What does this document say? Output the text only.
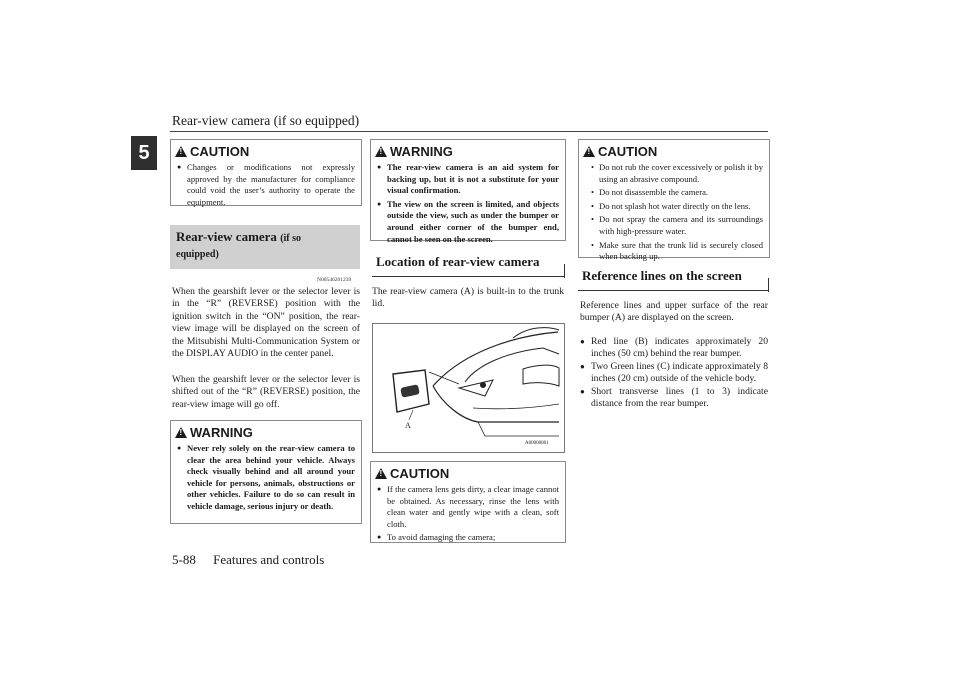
Rear-view camera (if so equipped)
5
!	CAUTION
● Changes or modifications not expressly approved by the manufacturer for compliance could void the user’s authority to operate the equipment.
Rear-view camera (if so
equipped)
N00546201239
When the gearshift lever or the selector lever is in the “R” (REVERSE) position with the ignition switch in the “ON” position, the rear-view image will be displayed on the screen of the Mitsubishi Multi-Communication System or the DISPLAY AUDIO in the center panel.
When the gearshift lever or the selector lever is shifted out of the “R” (REVERSE) position, the rear-view image will go off.
!
WARNING
● Never rely solely on the rear-view camera to clear the area behind your vehicle. Always check visually behind and all around your vehicle for persons, animals, obstructions or other vehicles. Failure to do so can result in vehicle damage, serious injury or death.
!
WARNING
● The rear-view camera is an aid system for backing up, but it is not a substitute for your visual confirmation.
● The view on the screen is limited, and objects outside the view, such as under the bumper or around either corner of the bumper end, cannot be seen on the screen.
Location of rear-view camera
The rear-view camera (A) is built-in to the trunk lid.
A
A00000001
!
CAUTION
● If the camera lens gets dirty, a clear image cannot be obtained. As necessary, rinse the lens with clean water and gently wipe with a clean, soft cloth.
● To avoid damaging the camera;
!
CAUTION
• Do not rub the cover excessively or polish it by using an abrasive compound.
• Do not disassemble the camera.
• Do not splash hot water directly on the lens.
• Do not spray the camera and its surroundings with high-pressure water.
• Make sure that the trunk lid is securely closed when backing up.
Reference lines on the screen
Reference lines and upper surface of the rear bumper (A) are displayed on the screen.
● Red line (B) indicates approximately 20 inches (50 cm) behind the rear bumper.
● Two Green lines (C) indicate approximately 8 inches (20 cm) outside of the vehicle body.
● Short transverse lines (1 to 3) indicate distance from the rear bumper.
5-88 Features and controls
